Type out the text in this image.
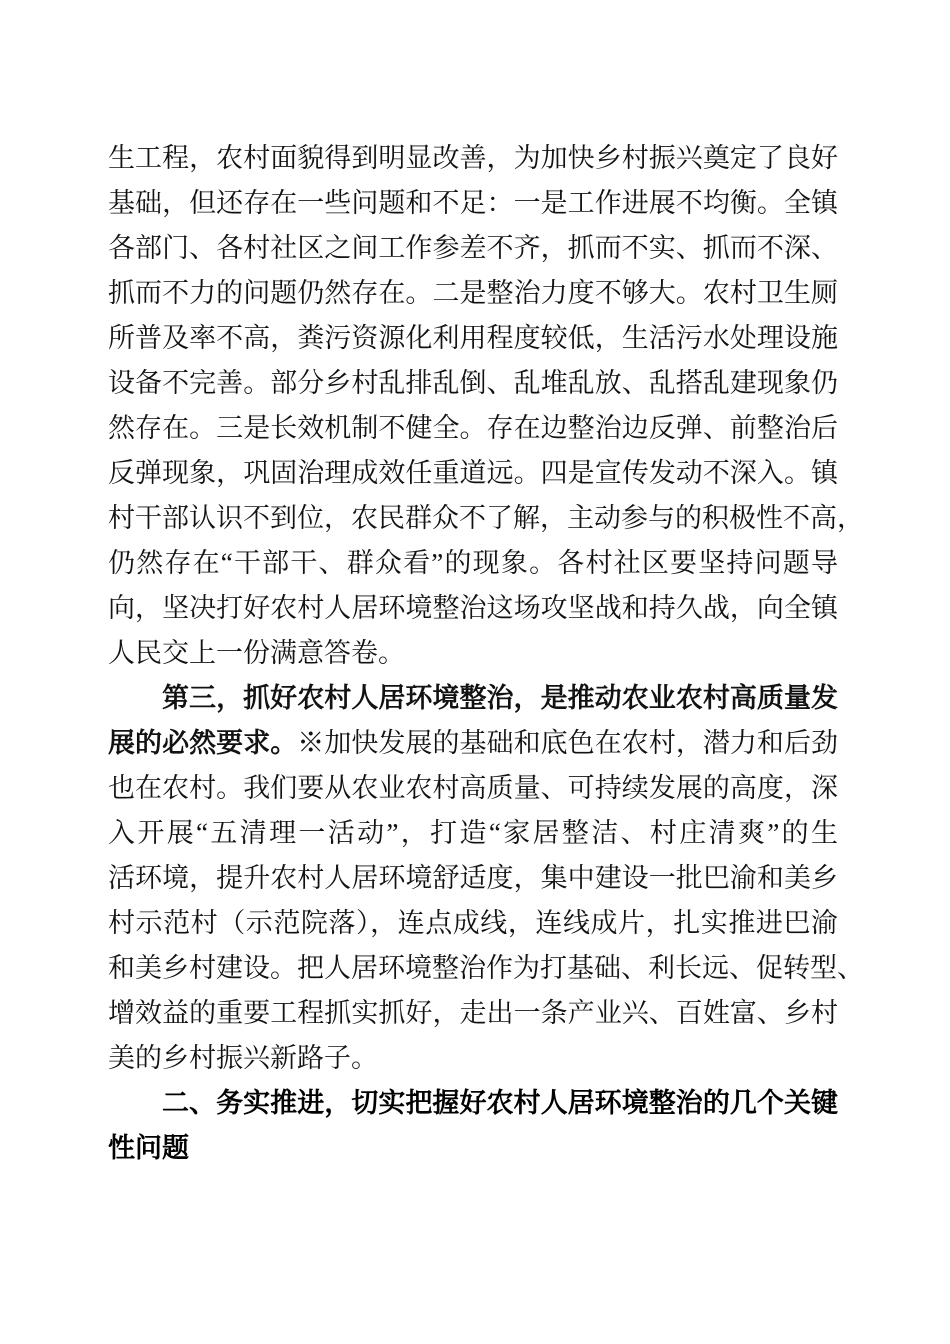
生工程，农村面貌得到明显改善，为加快乡村振兴奠定了良好
基础，但还存在一些问题和不足：一是工作进展不均衡。全镇
各部门、各村社区之间工作参差不齐，抓而不实、抓而不深、
抓而不力的问题仍然存在。二是整治力度不够大。农村卫生厕
所普及率不高，粪污资源化利用程度较低，生活污水处理设施
设备不完善。部分乡村乱排乱倒、乱堆乱放、乱搭乱建现象仍
然存在。三是长效机制不健全。存在边整治边反弹、前整治后
反弹现象，巩固治理成效任重道远。四是宣传发动不深入。镇
村干部认识不到位，农民群众不了解，主动参与的积极性不高，
仍然存在“干部干、群众看”的现象。各村社区要坚持问题导
向，坚决打好农村人居环境整治这场攻坚战和持久战，向全镇
人民交上一份满意答卷。
第三，抓好农村人居环境整治，是推动农业农村高质量发
展的必然要求。※加快发展的基础和底色在农村，潜力和后劲
也在农村。我们要从农业农村高质量、可持续发展的高度，深
入开展“五清理一活动”，打造“家居整洁、村庄清爽”的生
活环境，提升农村人居环境舒适度，集中建设一批巴渝和美乡
村示范村（示范院落），连点成线，连线成片，扎实推进巴渝
和美乡村建设。把人居环境整治作为打基础、利长远、促转型、
增效益的重要工程抓实抓好，走出一条产业兴、百姓富、乡村
美的乡村振兴新路子。
二、务实推进，切实把握好农村人居环境整治的几个关键
性问题
